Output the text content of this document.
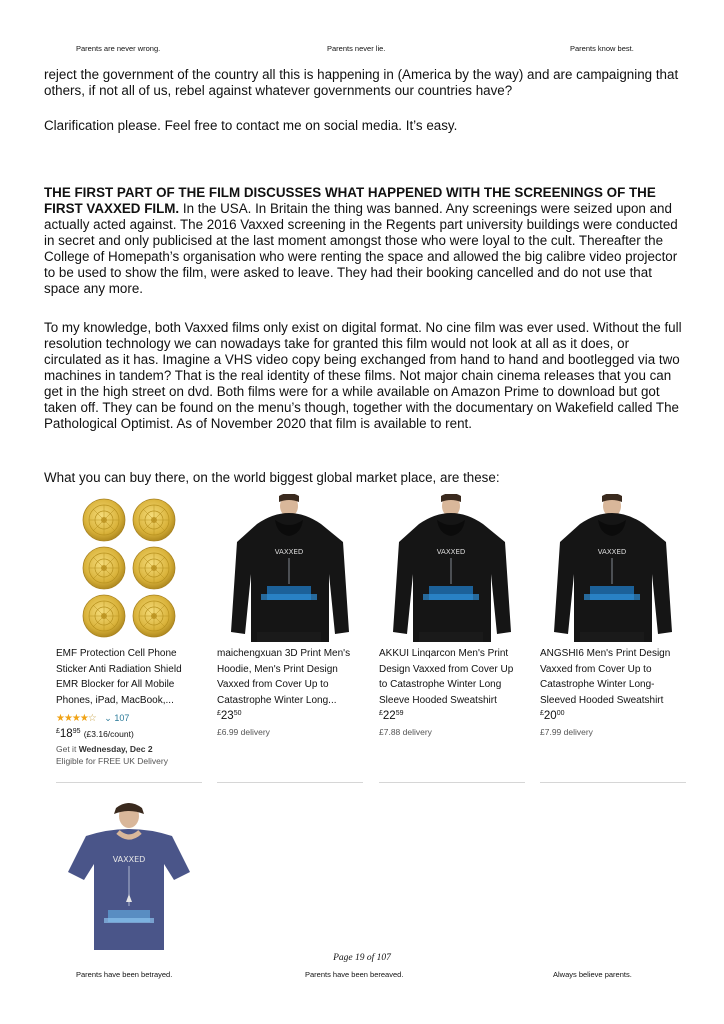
Parents are never wrong.	Parents never lie.	Parents know best.

reject the government of the country all this is happening in (America by the way) and are campaigning that others, if not all of us, rebel against whatever governments our countries have?

Clarification please. Feel free to contact me on social media. It’s easy.

THE FIRST PART OF THE FILM DISCUSSES WHAT HAPPENED WITH THE SCREENINGS OF THE FIRST VAXXED FILM. In the USA. In Britain the thing was banned. Any screenings were seized upon and actually acted against. The 2016 Vaxxed screening in the Regents part university buildings were conducted in secret and only publicised at the last moment amongst those who were loyal to the cult. Thereafter the College of Homepath’s organisation who were renting the space and allowed the big calibre video projector to be used to show the film, were asked to leave. They had their booking cancelled and do not use that space any more.

To my knowledge, both Vaxxed films only exist on digital format. No cine film was ever used. Without the full resolution technology we can nowadays take for granted this film would not look at all as it does, or circulated as it has. Imagine a VHS video copy being exchanged from hand to hand and bootlegged via two machines in tandem? That is the real identity of these films. Not major chain cinema releases that you can get in the high street on dvd. Both films were for a while available on Amazon Prime to download but got taken off. They can be found on the menu’s though, together with the documentary on Wakefield called The Pathological Optimist. As of November 2020 that film is available to rent.

What you can buy there, on the world biggest global market place, are these:

EMF Protection Cell Phone
Sticker Anti Radiation Shield
EMR Blocker for All Mobile
Phones, iPad, MacBook,...
★★★★☆ ⌄ 107
$^£18^{95}$ (£3.16/count)
Get it Wednesday, Dec 2
Eligible for FREE UK Delivery
VAXXED
maichengxuan 3D Print Men's
Hoodie, Men's Print Design
Vaxxed from Cover Up to
Catastrophe Winter Long...
$^£23^{50}$
£6.99 delivery
VAXXED
AKKUI Linqarcon Men's Print
Design Vaxxed from Cover Up
to Catastrophe Winter Long
Sleeve Hooded Sweatshirt
$^£22^{59}$
£7.88 delivery
VAXXED
ANGSHI6 Men's Print Design
Vaxxed from Cover Up to
Catastrophe Winter Long-
Sleeved Hooded Sweatshirt
$^£20^{00}$
£7.99 delivery
VAXXED
Page 19 of 107
Parents have been betrayed.	Parents have been bereaved.	Always believe parents.
